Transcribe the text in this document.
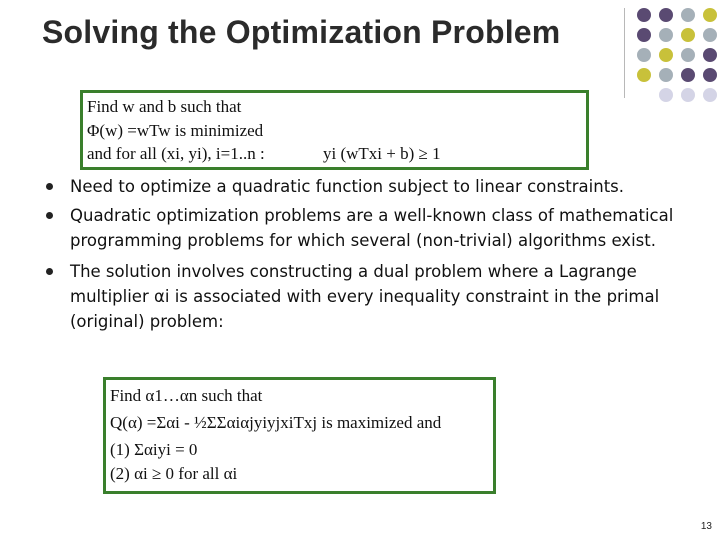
Solving the Optimization Problem
Find w and b such that
Φ(w) =wTw is minimized
and for all (xi, yi), i=1..n :	yi (wTxi + b) ≥ 1
Need to optimize a quadratic function subject to linear constraints.
Quadratic optimization problems are a well-known class of mathematical programming problems for which several (non-trivial) algorithms exist.
The solution involves constructing a dual problem where a Lagrange multiplier αi is associated with every inequality constraint in the primal (original) problem:
Find α1…αn such that
Q(α) =Σαi - ½ΣΣαiαjyiyjxiTxj is maximized and
(1) Σαiyi = 0
(2) αi ≥ 0 for all αi
13
